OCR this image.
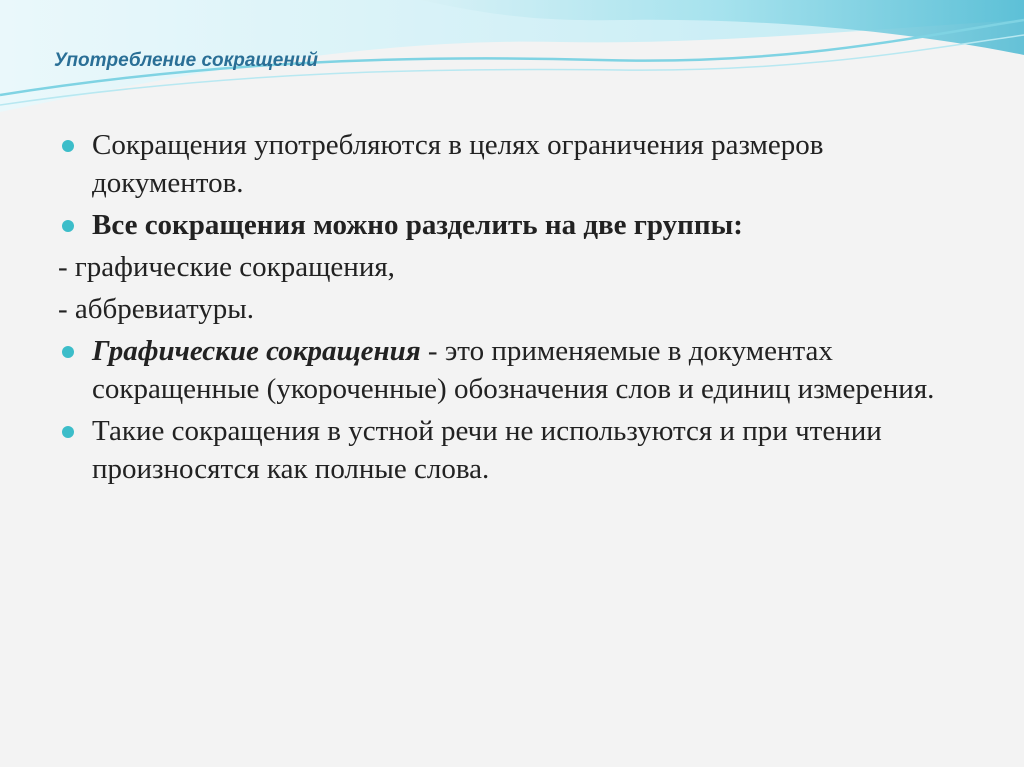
Употребление сокращений
Сокращения употребляются в целях ограничения размеров документов.
Все сокращения можно разделить на две группы:
- графические сокращения,
- аббревиатуры.
Графические сокращения - это применяемые в документах сокращенные (укороченные) обозначения слов и единиц измерения.
Такие сокращения в устной речи не используются и при чтении произносятся как полные слова.
